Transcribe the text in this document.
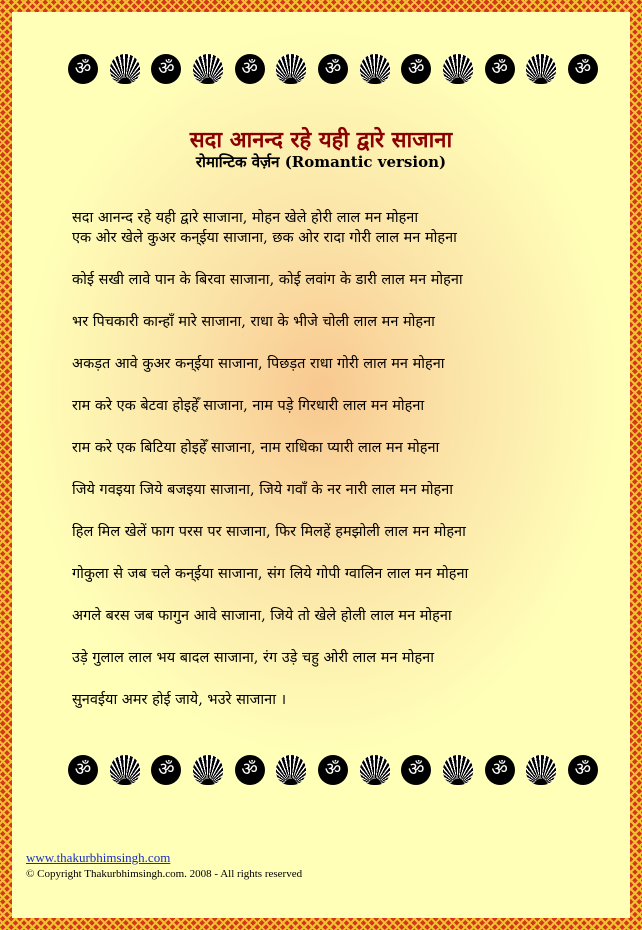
ॐ	ॐ	ॐ	ॐ	ॐ	ॐ	ॐ
सदा आनन्द रहे यही द्वारे साजाना
रोमान्टिक वेर्ज़न (Romantic version)
सदा आनन्द रहे यही द्वारे साजाना, मोहन खेले होरी लाल मन मोहना
एक ओर खेले कुअर कन्ईया साजाना, छक ओर रादा गोरी लाल मन मोहना
कोई सखी लावे पान के बिरवा साजाना, कोई लवांग के डारी लाल मन मोहना
भर पिचकारी कान्हाँ मारे साजाना, राधा के भीजे चोली लाल मन मोहना
अकड़त आवे कुअर कन्ईया साजाना, पिछड़त राधा गोरी लाल मन मोहना
राम करे एक बेटवा होइहेँ साजाना, नाम पड़े गिरधारी लाल मन मोहना
राम करे एक बिटिया होइहेँ साजाना, नाम राधिका प्यारी लाल मन मोहना
जिये गवइया जिये बजइया साजाना, जिये गवाँ के नर नारी लाल मन मोहना
हिल मिल खेलें फाग परस पर साजाना, फिर मिलहें हमझोली लाल मन मोहना
गोकुला से जब चले कन्ईया साजाना, संग लिये गोपी ग्वालिन लाल मन मोहना
अगले बरस जब फागुन आवे साजाना, जिये तो खेले होली लाल मन मोहना
उड़े गुलाल लाल भय बादल साजाना, रंग उड़े चहु ओरी लाल मन मोहना
सुनवईया अमर होई जाये, भउरे साजाना ।
ॐ	ॐ	ॐ	ॐ	ॐ	ॐ	ॐ
www.thakurbhimsingh.com
© Copyright Thakurbhimsingh.com. 2008 - All rights reserved
